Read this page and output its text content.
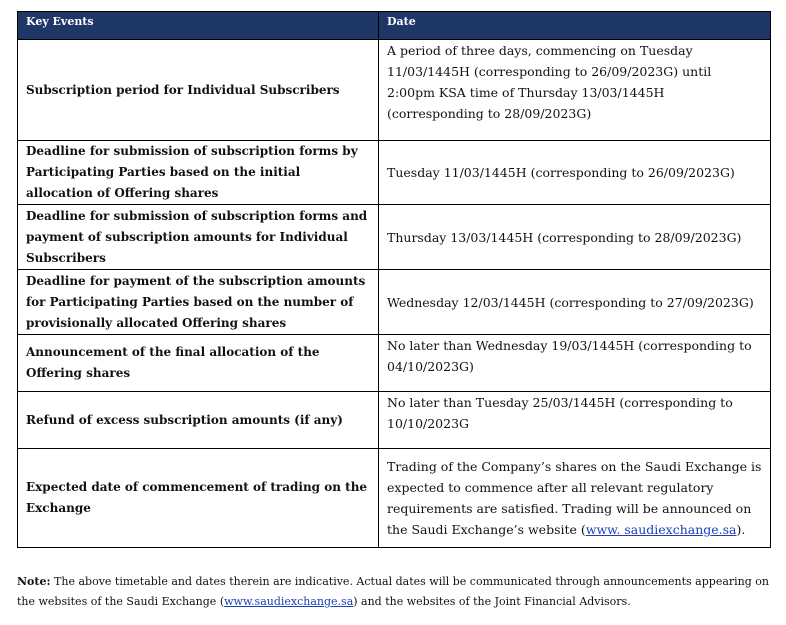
Key Events	Date
Subscription period for Individual Subscribers	A period of three days, commencing on Tuesday 11/03/1445H (corresponding to 26/09/2023G) until 2:00pm KSA time of Thursday 13/03/1445H (corresponding to 28/09/2023G)
Deadline for submission of subscription forms by Participating Parties based on the initial allocation of Offering shares	Tuesday 11/03/1445H (corresponding to 26/09/2023G)
Deadline for submission of subscription forms and payment of subscription amounts for Individual Subscribers	Thursday 13/03/1445H (corresponding to 28/09/2023G)
Deadline for payment of the subscription amounts for Participating Parties based on the number of provisionally allocated Offering shares	Wednesday 12/03/1445H (corresponding to 27/09/2023G)
Announcement of the final allocation of the Offering shares	No later than Wednesday 19/03/1445H (corresponding to 04/10/2023G)
Refund of excess subscription amounts (if any)	No later than Tuesday 25/03/1445H (corresponding to 10/10/2023G
Expected date of commencement of trading on the Exchange	Trading of the Company’s shares on the Saudi Exchange is expected to commence after all relevant regulatory requirements are satisfied. Trading will be announced on the Saudi Exchange’s website (www. saudiexchange.sa).
Note: The above timetable and dates therein are indicative. Actual dates will be communicated through announcements appearing on the websites of the Saudi Exchange (www.saudiexchange.sa) and the websites of the Joint Financial Advisors.
